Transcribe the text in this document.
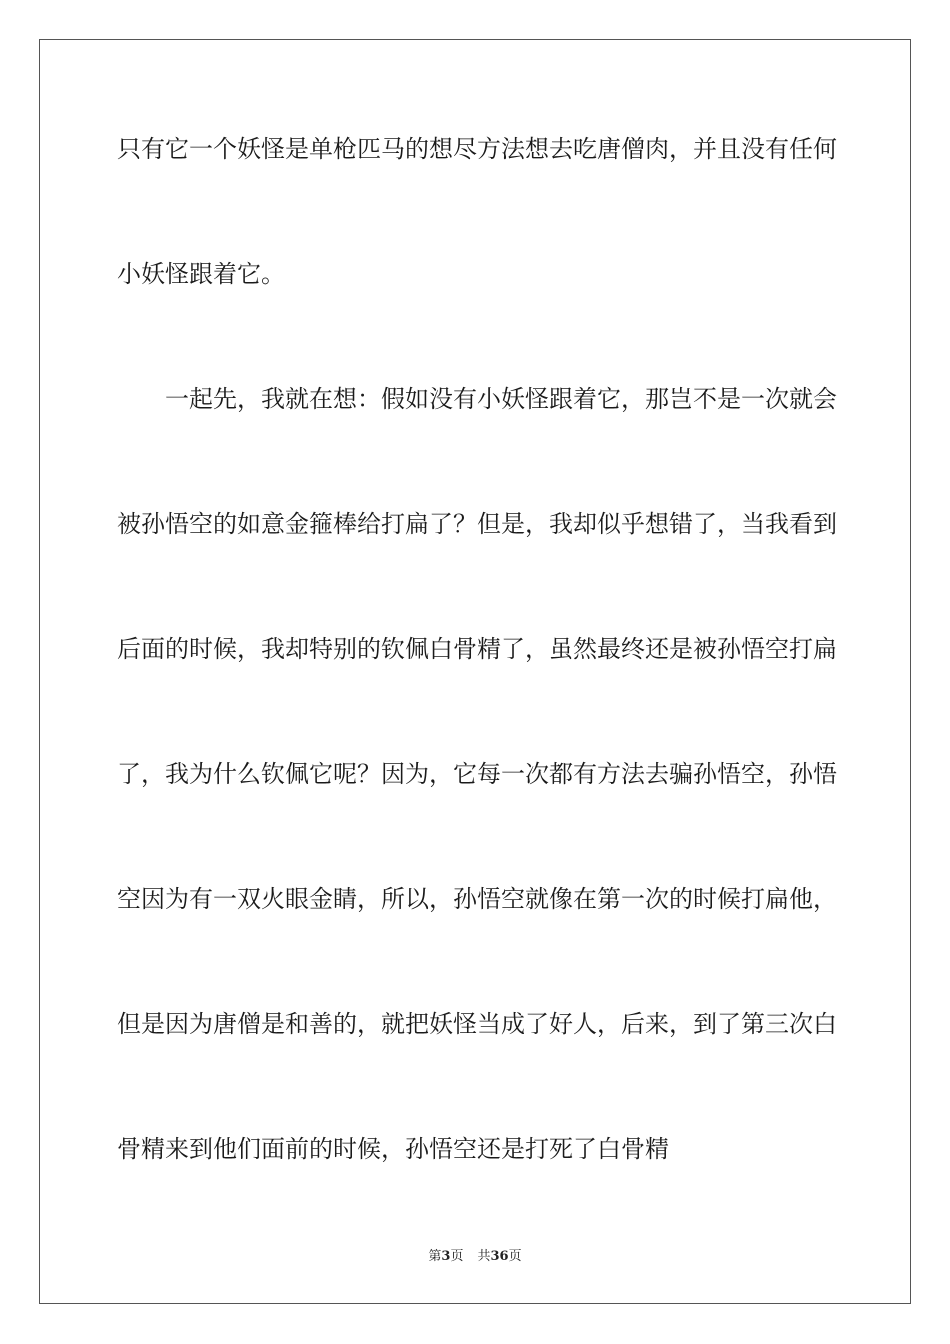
只有它一个妖怪是单枪匹马的想尽方法想去吃唐僧肉，并且没有任何
小妖怪跟着它。
　　一起先，我就在想：假如没有小妖怪跟着它，那岂不是一次就会
被孙悟空的如意金箍棒给打扁了？但是，我却似乎想错了，当我看到
后面的时候，我却特别的钦佩白骨精了，虽然最终还是被孙悟空打扁
了，我为什么钦佩它呢？因为，它每一次都有方法去骗孙悟空，孙悟
空因为有一双火眼金睛，所以，孙悟空就像在第一次的时候打扁他，
但是因为唐僧是和善的，就把妖怪当成了好人，后来，到了第三次白
骨精来到他们面前的时候，孙悟空还是打死了白骨精
第3页 共36页
